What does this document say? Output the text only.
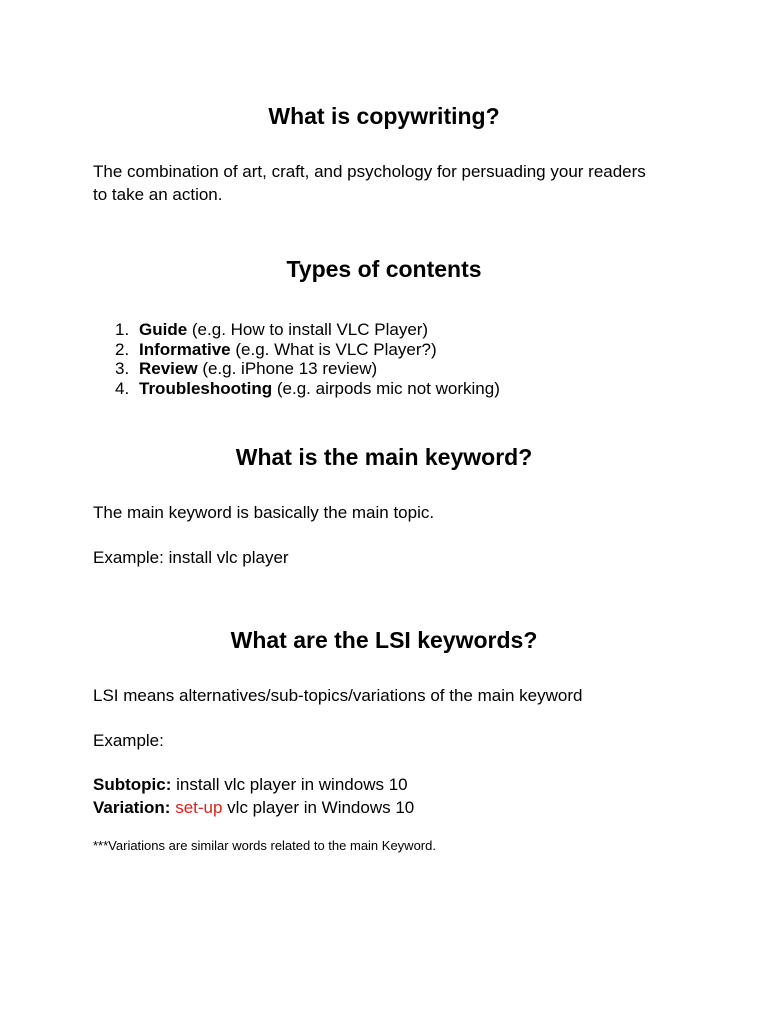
What is copywriting?

The combination of art, craft, and psychology for persuading your readers to take an action.

Types of contents
1. Guide (e.g. How to install VLC Player)
2. Informative (e.g. What is VLC Player?)
3. Review (e.g. iPhone 13 review)
4. Troubleshooting (e.g. airpods mic not working)
What is the main keyword?

The main keyword is basically the main topic.

Example: install vlc player

What are the LSI keywords?

LSI means alternatives/sub-topics/variations of the main keyword

Example:

Subtopic: install vlc player in windows 10

Variation: set-up vlc player in Windows 10

***Variations are similar words related to the main Keyword.
